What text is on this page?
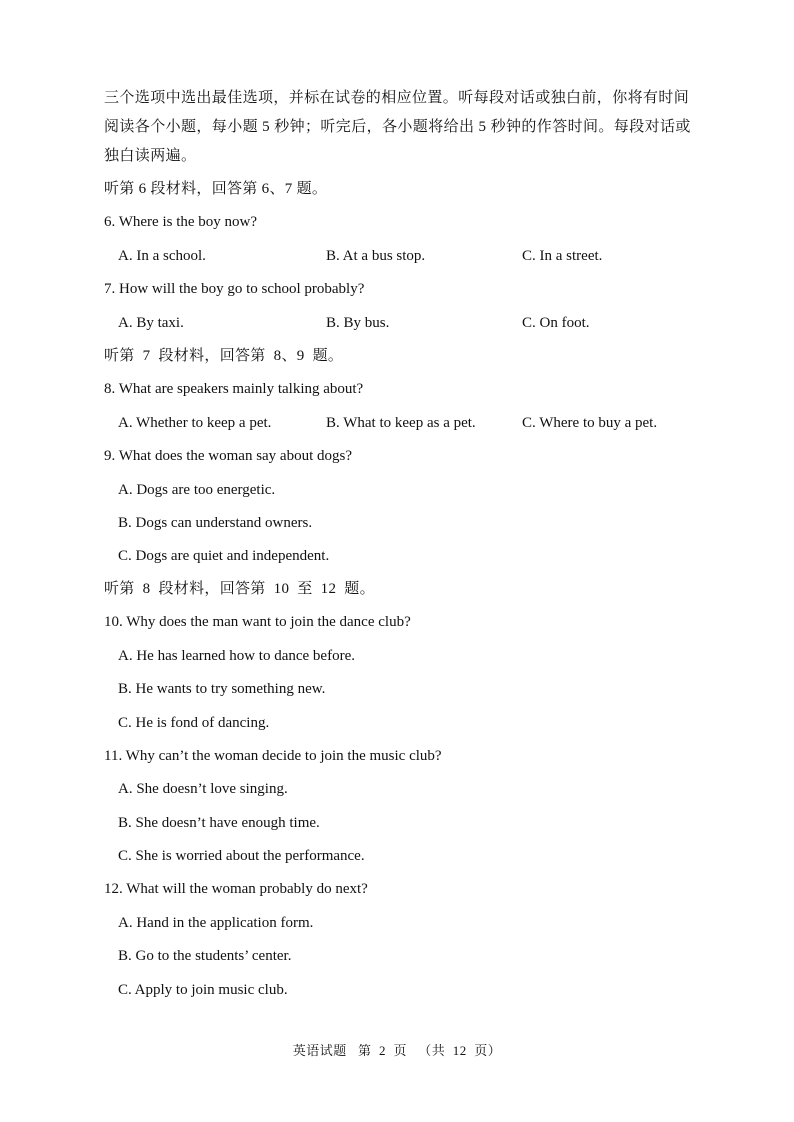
三个选项中选出最佳选项，并标在试卷的相应位置。听每段对话或独白前，你将有时间阅读各个小题，每小题 5 秒钟；听完后，各小题将给出 5 秒钟的作答时间。每段对话或独白读两遍。
听第 6 段材料，回答第 6、7 题。
6. Where is the boy now?
A. In a school.	B. At a bus stop.	C. In a street.
7. How will the boy go to school probably?
A. By taxi.	B. By bus.	C. On foot.
听第 7 段材料，回答第 8、9 题。
8. What are speakers mainly talking about?
A. Whether to keep a pet.	B. What to keep as a pet.	C. Where to buy a pet.
9. What does the woman say about dogs?
A. Dogs are too energetic.
B. Dogs can understand owners.
C. Dogs are quiet and independent.
听第 8 段材料，回答第 10 至 12 题。
10. Why does the man want to join the dance club?
A. He has learned how to dance before.
B. He wants to try something new.
C. He is fond of dancing.
11. Why can’t the woman decide to join the music club?
A. She doesn’t love singing.
B. She doesn’t have enough time.
C. She is worried about the performance.
12. What will the woman probably do next?
A. Hand in the application form.
B. Go to the students’ center.
C. Apply to join music club.
英语试题   第  2  页   （共  12  页）
